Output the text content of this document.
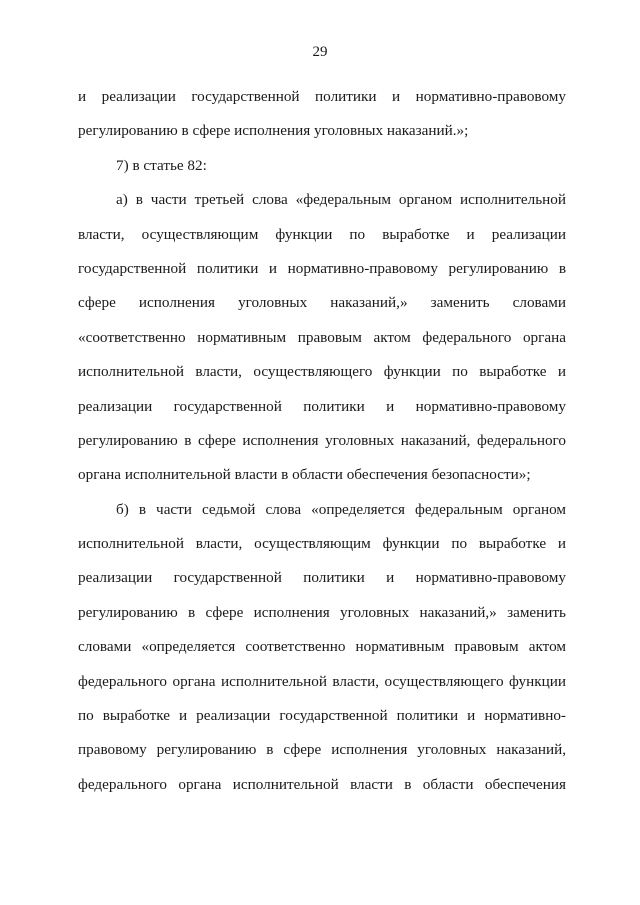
29
и реализации государственной политики и нормативно-правовому
регулированию в сфере исполнения уголовных наказаний.»;
7) в статье 82:
а) в части третьей слова «федеральным органом исполнительной
власти, осуществляющим функции по выработке и реализации
государственной политики и нормативно-правовому регулированию в
сфере исполнения уголовных наказаний,» заменить словами
«соответственно нормативным правовым актом федерального органа
исполнительной власти, осуществляющего функции по выработке и
реализации государственной политики и нормативно-правовому
регулированию в сфере исполнения уголовных наказаний, федерального
органа исполнительной власти в области обеспечения безопасности»;
б) в части седьмой слова «определяется федеральным органом
исполнительной власти, осуществляющим функции по выработке и
реализации государственной политики и нормативно-правовому
регулированию в сфере исполнения уголовных наказаний,» заменить
словами «определяется соответственно нормативным правовым актом
федерального органа исполнительной власти, осуществляющего функции
по выработке и реализации государственной политики и нормативно-
правовому регулированию в сфере исполнения уголовных наказаний,
федерального органа исполнительной власти в области обеспечения
